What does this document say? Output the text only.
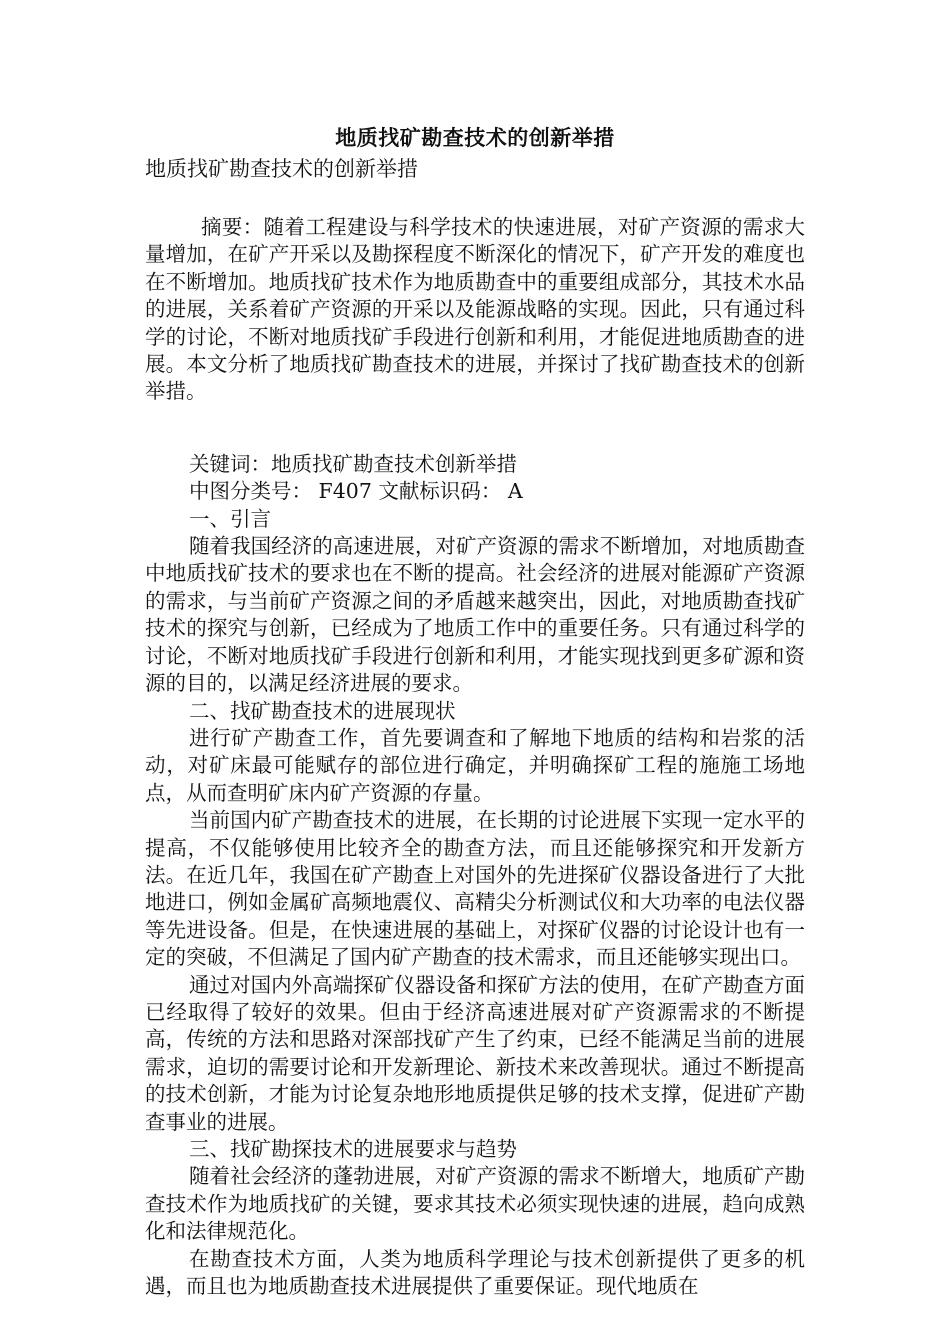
地质找矿勘查技术的创新举措
地质找矿勘查技术的创新举措

摘要：随着工程建设与科学技术的快速进展，对矿产资源的需求大量增加，在矿产开采以及勘探程度不断深化的情况下，矿产开发的难度也在不断增加。地质找矿技术作为地质勘查中的重要组成部分，其技术水品的进展，关系着矿产资源的开采以及能源战略的实现。因此，只有通过科学的讨论，不断对地质找矿手段进行创新和利用，才能促进地质勘查的进展。本文分析了地质找矿勘查技术的进展，并探讨了找矿勘查技术的创新举措。

关键词：地质找矿勘查技术创新举措

中图分类号： F407 文献标识码： A

一、引言

随着我国经济的高速进展，对矿产资源的需求不断增加，对地质勘查中地质找矿技术的要求也在不断的提高。社会经济的进展对能源矿产资源的需求，与当前矿产资源之间的矛盾越来越突出，因此，对地质勘查找矿技术的探究与创新，已经成为了地质工作中的重要任务。只有通过科学的讨论，不断对地质找矿手段进行创新和利用，才能实现找到更多矿源和资源的目的，以满足经济进展的要求。

二、找矿勘查技术的进展现状

进行矿产勘查工作，首先要调查和了解地下地质的结构和岩浆的活动，对矿床最可能赋存的部位进行确定，并明确探矿工程的施施工场地点，从而查明矿床内矿产资源的存量。

当前国内矿产勘查技术的进展，在长期的讨论进展下实现一定水平的提高，不仅能够使用比较齐全的勘查方法，而且还能够探究和开发新方法。在近几年，我国在矿产勘查上对国外的先进探矿仪器设备进行了大批地进口，例如金属矿高频地震仪、高精尖分析测试仪和大功率的电法仪器等先进设备。但是，在快速进展的基础上，对探矿仪器的讨论设计也有一定的突破，不但满足了国内矿产勘查的技术需求，而且还能够实现出口。

通过对国内外高端探矿仪器设备和探矿方法的使用，在矿产勘查方面已经取得了较好的效果。但由于经济高速进展对矿产资源需求的不断提高，传统的方法和思路对深部找矿产生了约束，已经不能满足当前的进展需求，迫切的需要讨论和开发新理论、新技术来改善现状。通过不断提高的技术创新，才能为讨论复杂地形地质提供足够的技术支撑，促进矿产勘查事业的进展。

三、找矿勘探技术的进展要求与趋势

随着社会经济的蓬勃进展，对矿产资源的需求不断增大，地质矿产勘查技术作为地质找矿的关键，要求其技术必须实现快速的进展，趋向成熟化和法律规范化。

在勘查技术方面，人类为地质科学理论与技术创新提供了更多的机遇，而且也为地质勘查技术进展提供了重要保证。现代地质在
